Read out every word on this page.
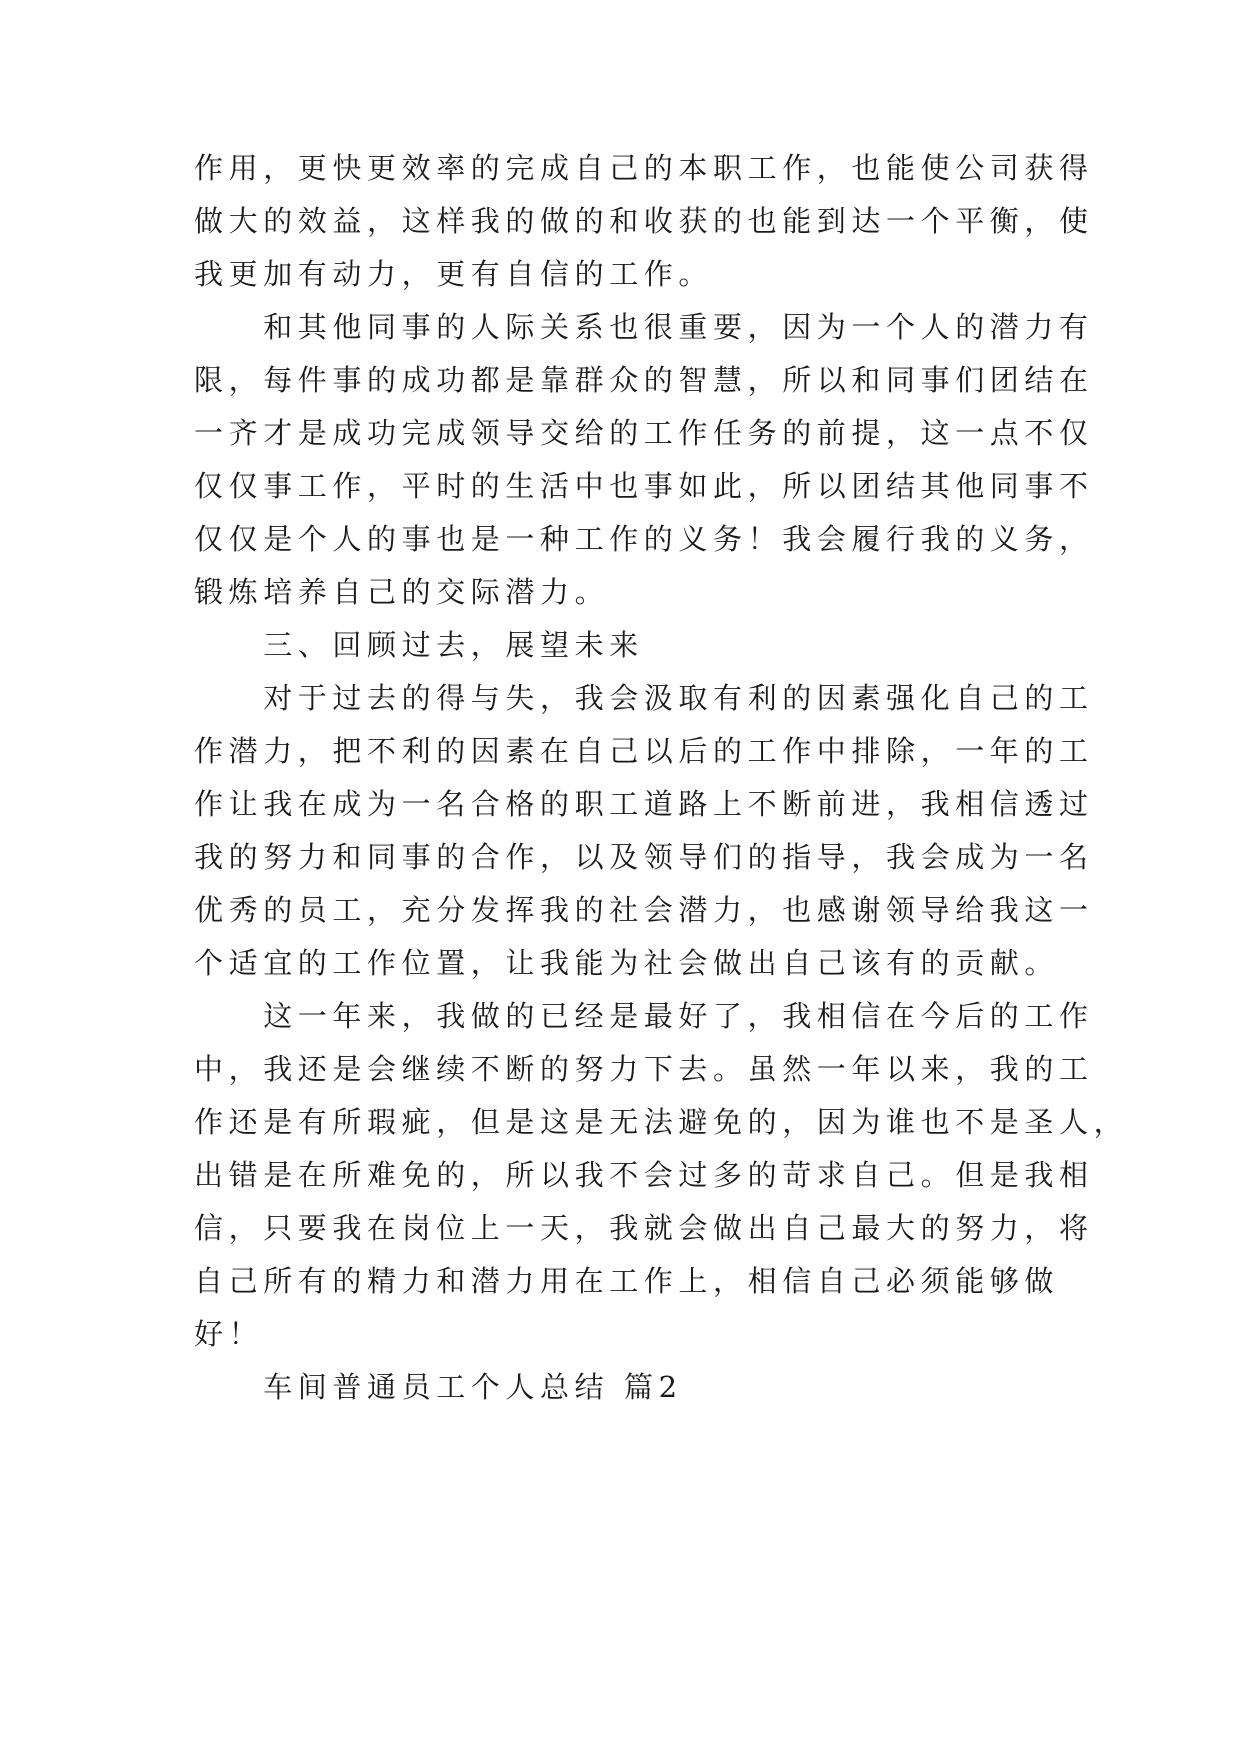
作用，更快更效率的完成自己的本职工作，也能使公司获得
做大的效益，这样我的做的和收获的也能到达一个平衡，使
我更加有动力，更有自信的工作。
　　和其他同事的人际关系也很重要，因为一个人的潜力有
限，每件事的成功都是靠群众的智慧，所以和同事们团结在
一齐才是成功完成领导交给的工作任务的前提，这一点不仅
仅仅事工作，平时的生活中也事如此，所以团结其他同事不
仅仅是个人的事也是一种工作的义务！我会履行我的义务，
锻炼培养自己的交际潜力。
　　三、回顾过去，展望未来
　　对于过去的得与失，我会汲取有利的因素强化自己的工
作潜力，把不利的因素在自己以后的工作中排除，一年的工
作让我在成为一名合格的职工道路上不断前进，我相信透过
我的努力和同事的合作，以及领导们的指导，我会成为一名
优秀的员工，充分发挥我的社会潜力，也感谢领导给我这一
个适宜的工作位置，让我能为社会做出自己该有的贡献。
　　这一年来，我做的已经是最好了，我相信在今后的工作
中，我还是会继续不断的努力下去。虽然一年以来，我的工
作还是有所瑕疵，但是这是无法避免的，因为谁也不是圣人，
出错是在所难免的，所以我不会过多的苛求自己。但是我相
信，只要我在岗位上一天，我就会做出自己最大的努力，将
自己所有的精力和潜力用在工作上，相信自己必须能够做
好！
　　车间普通员工个人总结 篇2
